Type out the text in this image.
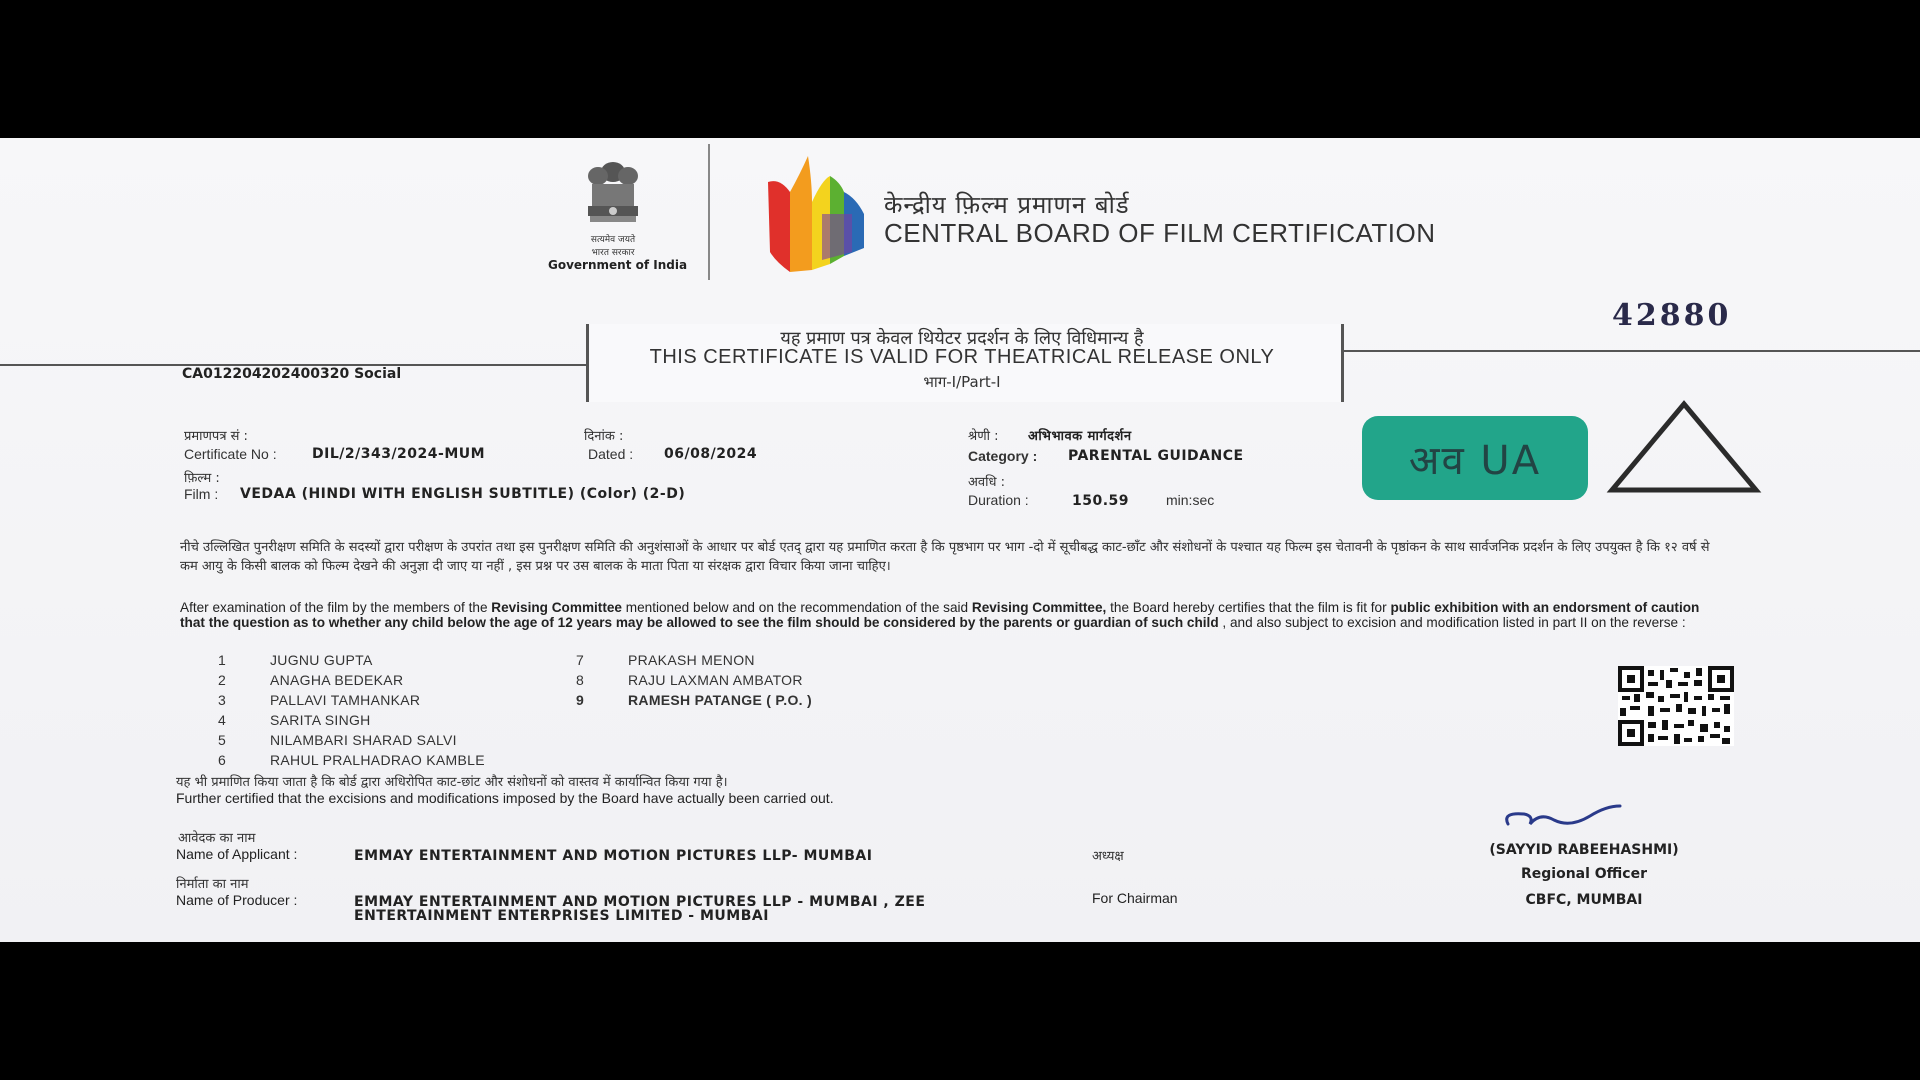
सत्यमेव जयते
भारत सरकार
Government of India
केन्द्रीय फ़िल्म प्रमाणन बोर्ड
CENTRAL BOARD OF FILM CERTIFICATION
42880
यह प्रमाण पत्र केवल थियेटर प्रदर्शन के लिए विधिमान्य है
THIS CERTIFICATE IS VALID FOR THEATRICAL RELEASE ONLY
भाग-I/Part-I
CA012204202400320 Social
प्रमाणपत्र सं :
Certificate No :	DIL/2/343/2024-MUM
दिनांक :
Dated : 06/08/2024
श्रेणी : अभिभावक मार्गदर्शन
Category : PARENTAL GUIDANCE
फ़िल्म :
Film : VEDAA (HINDI WITH ENGLISH SUBTITLE) (Color) (2-D)
अवधि :
Duration :	150.59	min:sec
अव UA
नीचे उल्लिखित पुनरीक्षण समिति के सदस्यों द्वारा परीक्षण के उपरांत तथा इस पुनरीक्षण समिति की अनुशंसाओं के आधार पर बोर्ड एतद् द्वारा यह प्रमाणित करता है कि पृष्ठभाग पर भाग -दो में सूचीबद्ध काट-छाँट और संशोधनों के पश्चात यह फिल्म इस चेतावनी के पृष्ठांकन के साथ सार्वजनिक प्रदर्शन के लिए उपयुक्त है कि १२ वर्ष से कम आयु के किसी बालक को फिल्म देखने की अनुज्ञा दी जाए या नहीं , इस प्रश्न पर उस बालक के माता पिता या संरक्षक द्वारा विचार किया जाना चाहिए।
After examination of the film by the members of the Revising Committee mentioned below and on the recommendation of the said Revising Committee, the Board hereby certifies that the film is fit for public exhibition with an endorsment of caution that the question as to whether any child below the age of 12 years may be allowed to see the film should be considered by the parents or guardian of such child , and also subject to excision and modification listed in part II on the reverse :
1	JUGNU GUPTA
2	ANAGHA BEDEKAR
3	PALLAVI TAMHANKAR
4	SARITA SINGH
5	NILAMBARI SHARAD SALVI
6	RAHUL PRALHADRAO KAMBLE
7	PRAKASH MENON
8	RAJU LAXMAN AMBATOR
9	RAMESH PATANGE ( P.O. )
यह भी प्रमाणित किया जाता है कि बोर्ड द्वारा अधिरोपित काट-छांट और संशोधनों को वास्तव में कार्यान्वित किया गया है।
Further certified that the excisions and modifications imposed by the Board have actually been carried out.
आवेदक का नाम
Name of Applicant :	EMMAY ENTERTAINMENT AND MOTION PICTURES LLP- MUMBAI
निर्माता का नाम
Name of Producer :	EMMAY ENTERTAINMENT AND MOTION PICTURES LLP - MUMBAI , ZEE
ENTERTAINMENT ENTERPRISES LIMITED - MUMBAI
अध्यक्ष
For Chairman
(SAYYID RABEEHASHMI)
Regional Officer
CBFC, MUMBAI
